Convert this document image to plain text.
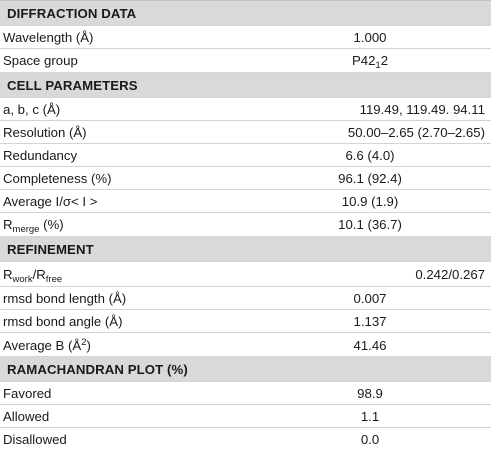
DIFFRACTION DATA
Wavelength (Å)	1.000
Space group	$P42_12$
CELL PARAMETERS
a, b, c (Å)	119.49, 119.49. 94.11
Resolution (Å)	50.00–2.65 (2.70–2.65)
Redundancy	6.6 (4.0)
Completeness (%)	96.1 (92.4)
Average I/σ< I >	10.9 (1.9)
$R_{merge}$ (%)	10.1 (36.7)
REFINEMENT
$R_{work}/R_{free}$	0.242/0.267
rmsd bond length (Å)	0.007
rmsd bond angle (Å)	1.137
Average B $(Å^2)$	41.46
RAMACHANDRAN PLOT (%)
Favored	98.9
Allowed	1.1
Disallowed	0.0
